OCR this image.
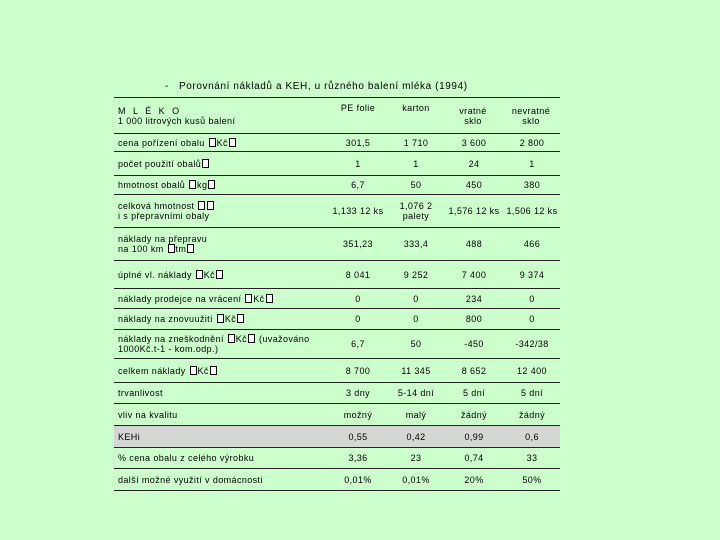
- Porovnání nákladů a KEH, u různého balení mléka (1994)
M L É K O
1 000 litrových kusů balení	PE folie	karton	vratné sklo	nevratné sklo
cena pořízení obalu Kč	301,5	1 710	3 600	2 800
počet použití obalů	1	1	24	1
hmotnost obalů kg	6,7	50	450	380
celková hmotnost
i s přepravními obaly	1,133 12 ks	1,076 2 palety	1,576 12 ks	1,506 12 ks
náklady na přepravu
na 100 km tm	351,23	333,4	488	466
úplné vl. náklady Kč	8 041	9 252	7 400	9 374
náklady prodejce na vrácení Kč	0	0	234	0
náklady na znovuužití Kč	0	0	800	0
náklady na zneškodnění Kč (uvažováno
1000Kč.t-1 - kom.odp.)	6,7	50	-450	-342/38
celkem náklady Kč	8 700	11 345	8 652	12 400
trvanlivost	3 dny	5-14 dní	5 dní	5 dní
vliv na kvalitu	možný	malý	žádný	žádný
KEHi	0,55	0,42	0,99	0,6
% cena obalu z celého výrobku	3,36	23	0,74	33
další možné využití v domácnosti	0,01%	0,01%	20%	50%
